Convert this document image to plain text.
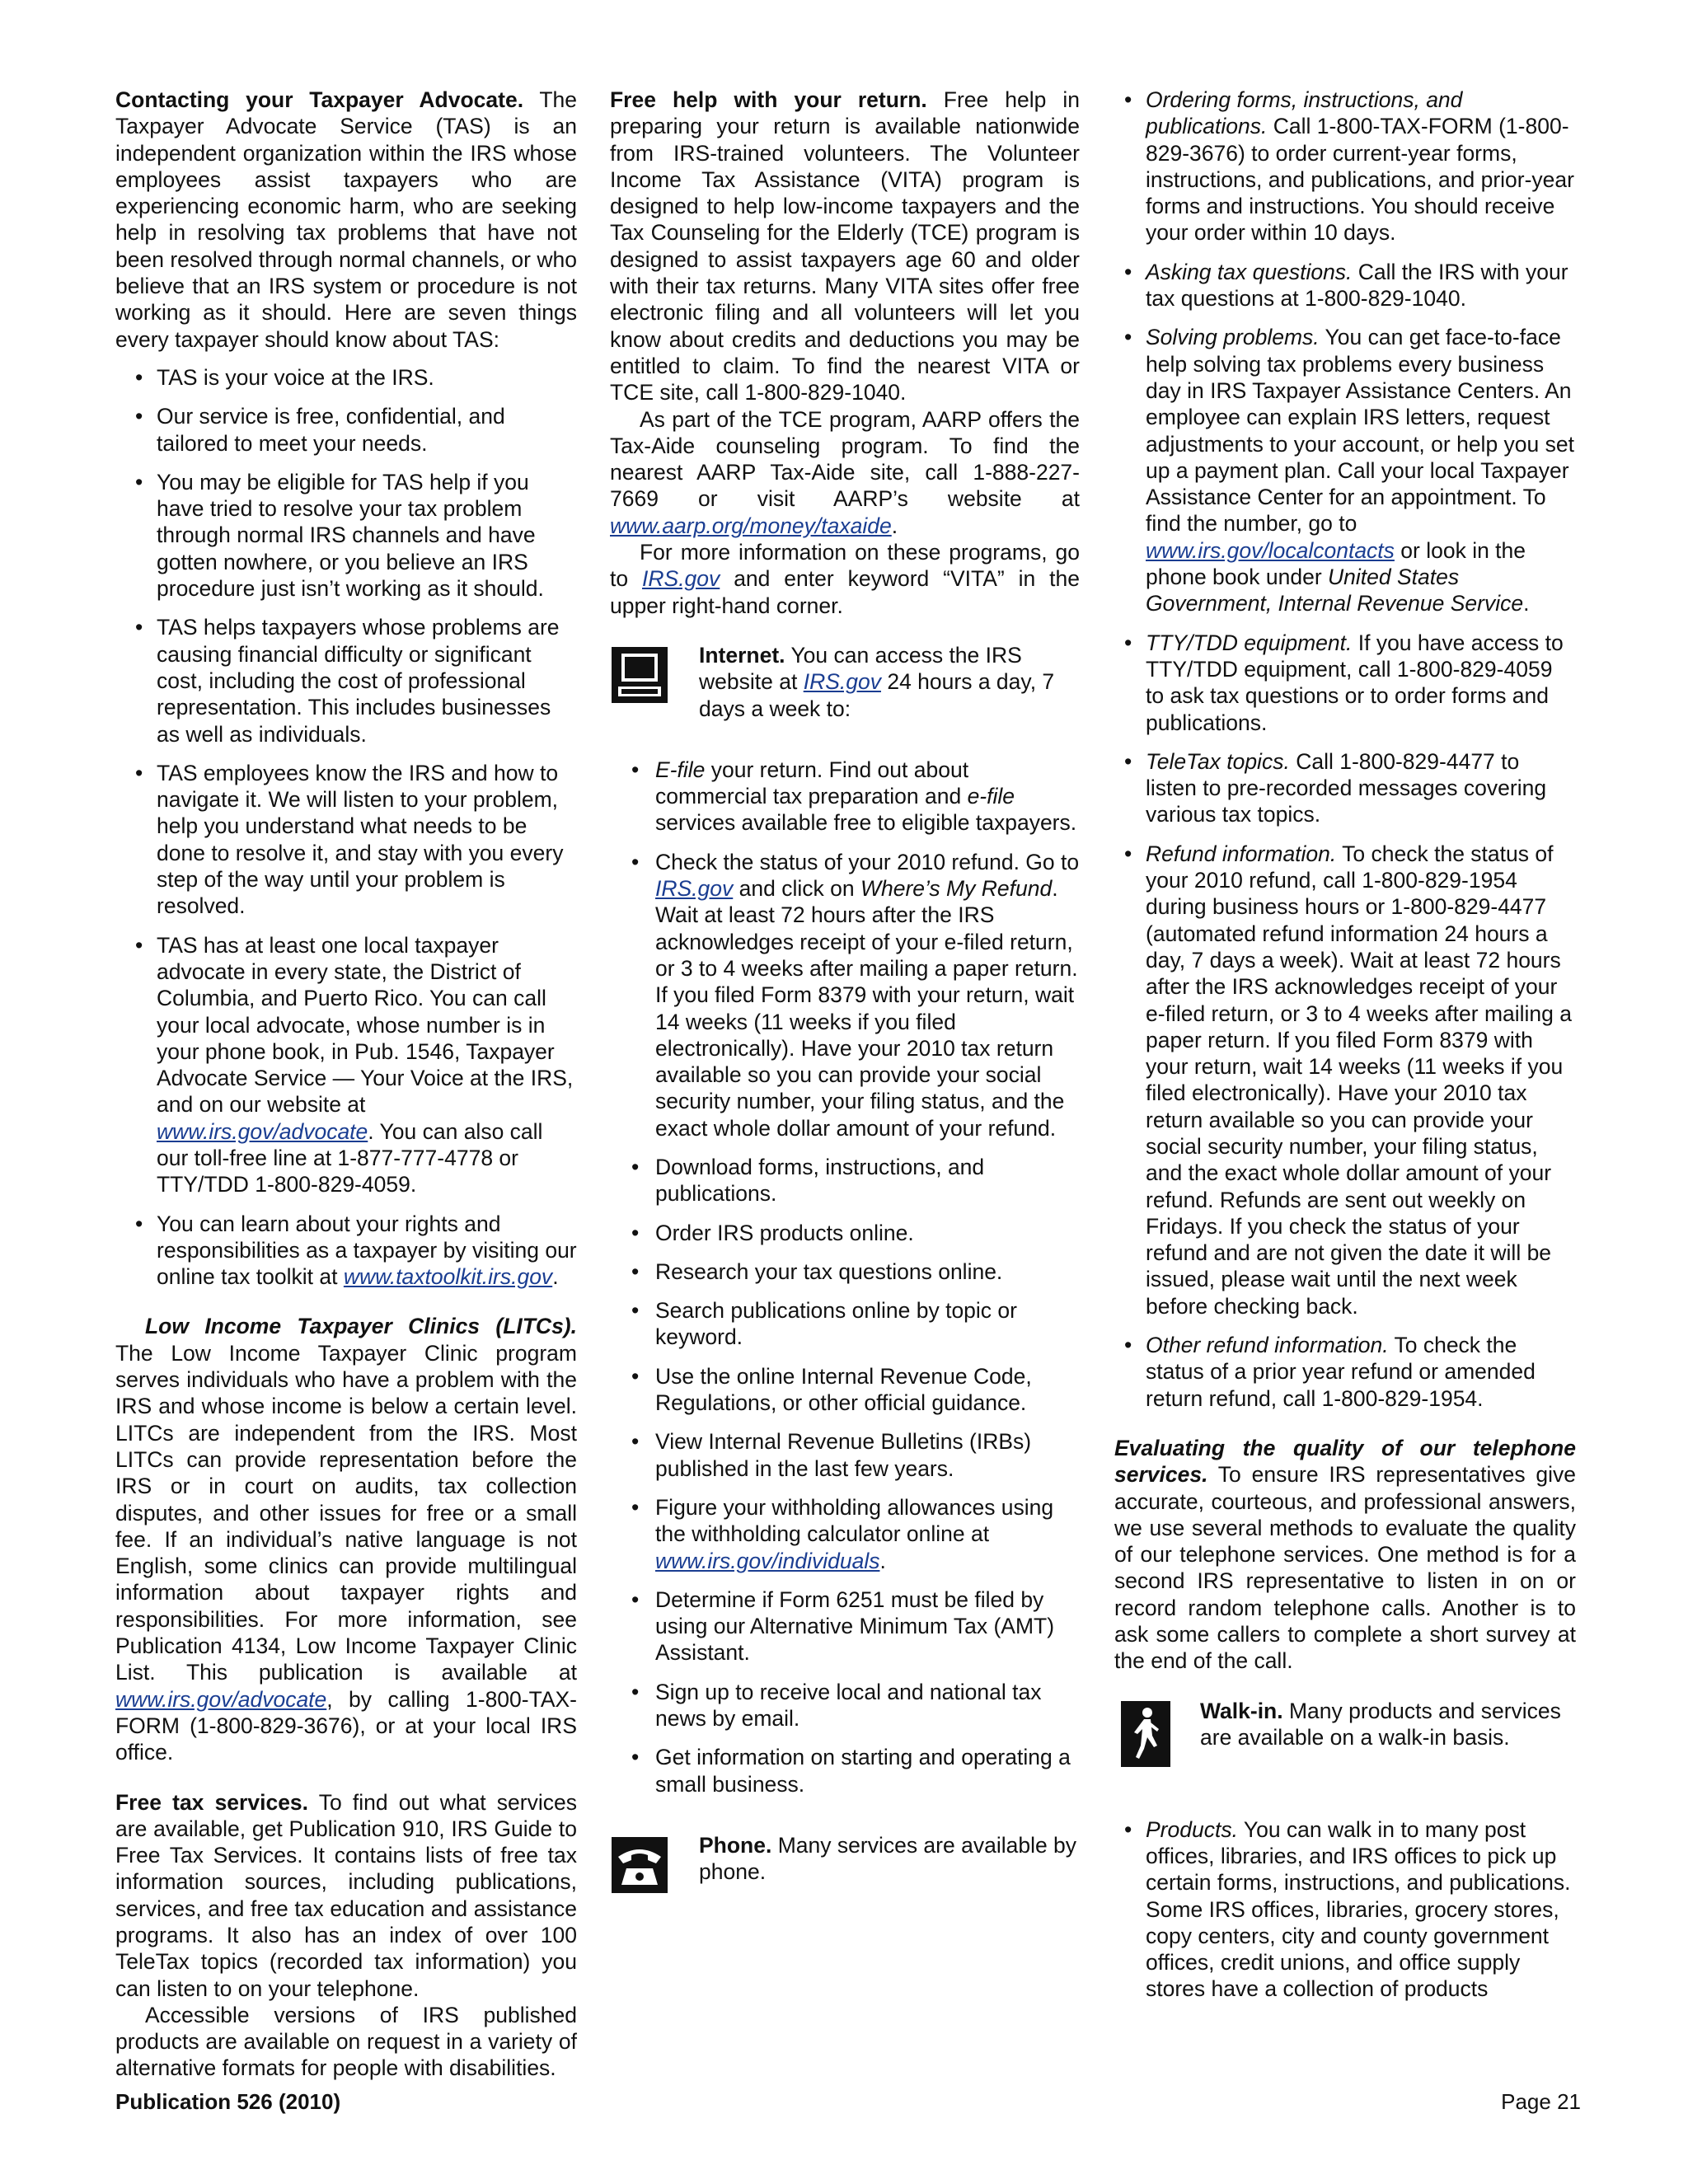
Contacting your Taxpayer Advocate. The Taxpayer Advocate Service (TAS) is an independent organization within the IRS whose employees assist taxpayers who are experiencing economic harm, who are seeking help in resolving tax problems that have not been resolved through normal channels, or who believe that an IRS system or procedure is not working as it should. Here are seven things every taxpayer should know about TAS:

• TAS is your voice at the IRS.
• Our service is free, confidential, and tailored to meet your needs.
• You may be eligible for TAS help if you have tried to resolve your tax problem through normal IRS channels and have gotten nowhere, or you believe an IRS procedure just isn’t working as it should.
• TAS helps taxpayers whose problems are causing financial difficulty or significant cost, including the cost of professional representation. This includes businesses as well as individuals.
• TAS employees know the IRS and how to navigate it. We will listen to your problem, help you understand what needs to be done to resolve it, and stay with you every step of the way until your problem is resolved.
• TAS has at least one local taxpayer advocate in every state, the District of Columbia, and Puerto Rico. You can call your local advocate, whose number is in your phone book, in Pub. 1546, Taxpayer Advocate Service — Your Voice at the IRS, and on our website at www.irs.gov/advocate. You can also call our toll-free line at 1-877-777-4778 or TTY/TDD 1-800-829-4059.
• You can learn about your rights and responsibilities as a taxpayer by visiting our online tax toolkit at www.taxtoolkit.irs.gov.

Low Income Taxpayer Clinics (LITCs). The Low Income Taxpayer Clinic program serves individuals who have a problem with the IRS and whose income is below a certain level. LITCs are independent from the IRS. Most LITCs can provide representation before the IRS or in court on audits, tax collection disputes, and other issues for free or a small fee. If an individual’s native language is not English, some clinics can provide multilingual information about taxpayer rights and responsibilities. For more information, see Publication 4134, Low Income Taxpayer Clinic List. This publication is available at www.irs.gov/advocate, by calling 1-800-TAX-FORM (1-800-829-3676), or at your local IRS office.

Free tax services. To find out what services are available, get Publication 910, IRS Guide to Free Tax Services. It contains lists of free tax information sources, including publications, services, and free tax education and assistance programs. It also has an index of over 100 TeleTax topics (recorded tax information) you can listen to on your telephone.

Accessible versions of IRS published products are available on request in a variety of alternative formats for people with disabilities.

Free help with your return. Free help in preparing your return is available nationwide from IRS-trained volunteers. The Volunteer Income Tax Assistance (VITA) program is designed to help low-income taxpayers and the Tax Counseling for the Elderly (TCE) program is designed to assist taxpayers age 60 and older with their tax returns. Many VITA sites offer free electronic filing and all volunteers will let you know about credits and deductions you may be entitled to claim. To find the nearest VITA or TCE site, call 1-800-829-1040.

As part of the TCE program, AARP offers the Tax-Aide counseling program. To find the nearest AARP Tax-Aide site, call 1-888-227-7669 or visit AARP’s website at www.aarp.org/money/taxaide.

For more information on these programs, go to IRS.gov and enter keyword “VITA” in the upper right-hand corner.

Internet. You can access the IRS website at IRS.gov 24 hours a day, 7 days a week to:

• E-file your return. Find out about commercial tax preparation and e-file services available free to eligible taxpayers.
• Check the status of your 2010 refund. Go to IRS.gov and click on Where’s My Refund. Wait at least 72 hours after the IRS acknowledges receipt of your e-filed return, or 3 to 4 weeks after mailing a paper return. If you filed Form 8379 with your return, wait 14 weeks (11 weeks if you filed electronically). Have your 2010 tax return available so you can provide your social security number, your filing status, and the exact whole dollar amount of your refund.
• Download forms, instructions, and publications.
• Order IRS products online.
• Research your tax questions online.
• Search publications online by topic or keyword.
• Use the online Internal Revenue Code, Regulations, or other official guidance.
• View Internal Revenue Bulletins (IRBs) published in the last few years.
• Figure your withholding allowances using the withholding calculator online at www.irs.gov/individuals.
• Determine if Form 6251 must be filed by using our Alternative Minimum Tax (AMT) Assistant.
• Sign up to receive local and national tax news by email.
• Get information on starting and operating a small business.

Phone. Many services are available by phone.

• Ordering forms, instructions, and publications. Call 1-800-TAX-FORM (1-800-829-3676) to order current-year forms, instructions, and publications, and prior-year forms and instructions. You should receive your order within 10 days.
• Asking tax questions. Call the IRS with your tax questions at 1-800-829-1040.
• Solving problems. You can get face-to-face help solving tax problems every business day in IRS Taxpayer Assistance Centers. An employee can explain IRS letters, request adjustments to your account, or help you set up a payment plan. Call your local Taxpayer Assistance Center for an appointment. To find the number, go to www.irs.gov/localcontacts or look in the phone book under United States Government, Internal Revenue Service.
• TTY/TDD equipment. If you have access to TTY/TDD equipment, call 1-800-829-4059 to ask tax questions or to order forms and publications.
• TeleTax topics. Call 1-800-829-4477 to listen to pre-recorded messages covering various tax topics.
• Refund information. To check the status of your 2010 refund, call 1-800-829-1954 during business hours or 1-800-829-4477 (automated refund information 24 hours a day, 7 days a week). Wait at least 72 hours after the IRS acknowledges receipt of your e-filed return, or 3 to 4 weeks after mailing a paper return. If you filed Form 8379 with your return, wait 14 weeks (11 weeks if you filed electronically). Have your 2010 tax return available so you can provide your social security number, your filing status, and the exact whole dollar amount of your refund. Refunds are sent out weekly on Fridays. If you check the status of your refund and are not given the date it will be issued, please wait until the next week before checking back.
• Other refund information. To check the status of a prior year refund or amended return refund, call 1-800-829-1954.

Evaluating the quality of our telephone services. To ensure IRS representatives give accurate, courteous, and professional answers, we use several methods to evaluate the quality of our telephone services. One method is for a second IRS representative to listen in on or record random telephone calls. Another is to ask some callers to complete a short survey at the end of the call.

Walk-in. Many products and services are available on a walk-in basis.

• Products. You can walk in to many post offices, libraries, and IRS offices to pick up certain forms, instructions, and publications. Some IRS offices, libraries, grocery stores, copy centers, city and county government offices, credit unions, and office supply stores have a collection of products
Publication 526 (2010)	Page 21
